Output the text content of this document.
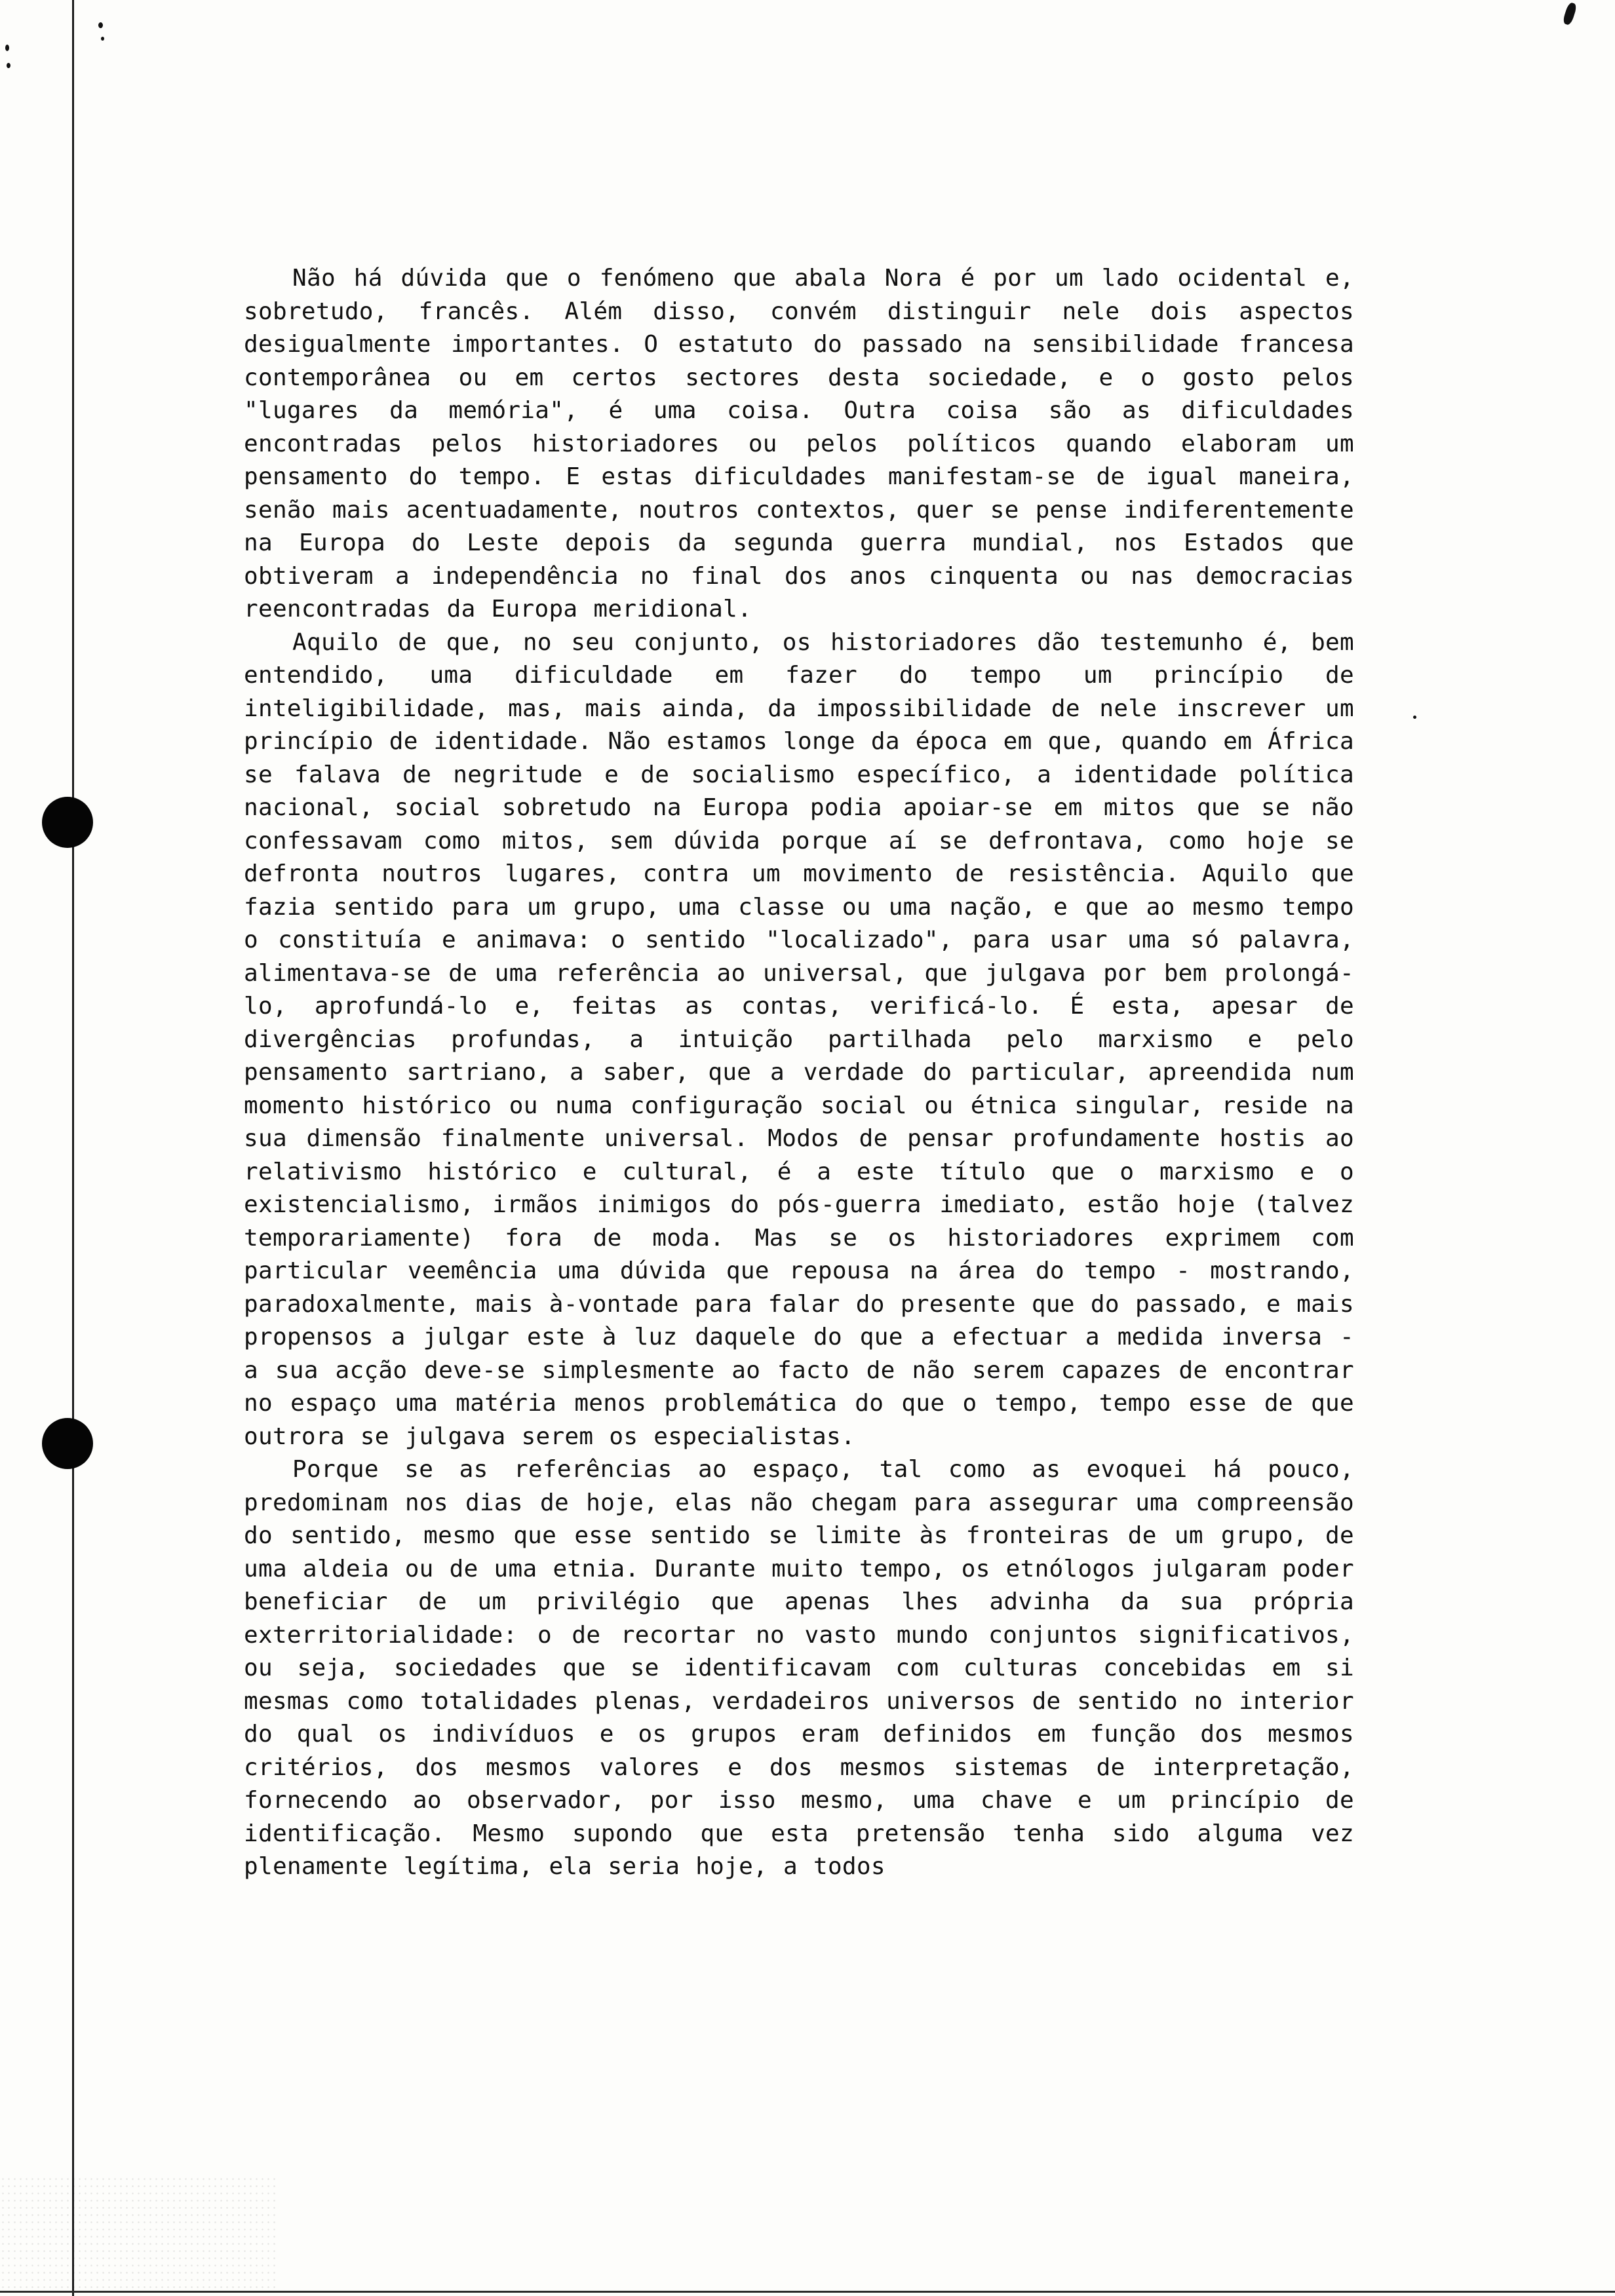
Não há dúvida que o fenómeno que abala Nora é por um lado ocidental e, sobretudo, francês. Além disso, convém distinguir nele dois aspectos desigualmente importantes. O estatuto do passado na sensibilidade francesa contemporânea ou em certos sectores desta sociedade, e o gosto pelos "lugares da memória", é uma coisa. Outra coisa são as dificuldades encontradas pelos historiadores ou pelos políticos quando elaboram um pensamento do tempo. E estas dificuldades manifestam-se de igual maneira, senão mais acentuadamente, noutros contextos, quer se pense indiferentemente na Europa do Leste depois da segunda guerra mundial, nos Estados que obtiveram a independência no final dos anos cinquenta ou nas democracias reencontradas da Europa meridional.

Aquilo de que, no seu conjunto, os historiadores dão testemunho é, bem entendido, uma dificuldade em fazer do tempo um princípio de inteligibilidade, mas, mais ainda, da impossibilidade de nele inscrever um princípio de identidade. Não estamos longe da época em que, quando em África se falava de negritude e de socialismo específico, a identidade política nacional, social sobretudo na Europa podia apoiar-se em mitos que se não confessavam como mitos, sem dúvida porque aí se defrontava, como hoje se defronta noutros lugares, contra um movimento de resistência. Aquilo que fazia sentido para um grupo, uma classe ou uma nação, e que ao mesmo tempo o constituía e animava: o sentido "localizado", para usar uma só palavra, alimentava-se de uma referência ao universal, que julgava por bem prolongá-lo, aprofundá-lo e, feitas as contas, verificá-lo. É esta, apesar de divergências profundas, a intuição partilhada pelo marxismo e pelo pensamento sartriano, a saber, que a verdade do particular, apreendida num momento histórico ou numa configuração social ou étnica singular, reside na sua dimensão finalmente universal. Modos de pensar profundamente hostis ao relativismo histórico e cultural, é a este título que o marxismo e o existencialismo, irmãos inimigos do pós-guerra imediato, estão hoje (talvez temporariamente) fora de moda. Mas se os historiadores exprimem com particular veemência uma dúvida que repousa na área do tempo - mostrando, paradoxalmente, mais à-vontade para falar do presente que do passado, e mais propensos a julgar este à luz daquele do que a efectuar a medida inversa - a sua acção deve-se simplesmente ao facto de não serem capazes de encontrar no espaço uma matéria menos problemática do que o tempo, tempo esse de que outrora se julgava serem os especialistas.

Porque se as referências ao espaço, tal como as evoquei há pouco, predominam nos dias de hoje, elas não chegam para assegurar uma compreensão do sentido, mesmo que esse sentido se limite às fronteiras de um grupo, de uma aldeia ou de uma etnia. Durante muito tempo, os etnólogos julgaram poder beneficiar de um privilégio que apenas lhes advinha da sua própria exterritorialidade: o de recortar no vasto mundo conjuntos significativos, ou seja, sociedades que se identificavam com culturas concebidas em si mesmas como totalidades plenas, verdadeiros universos de sentido no interior do qual os indivíduos e os grupos eram definidos em função dos mesmos critérios, dos mesmos valores e dos mesmos sistemas de interpretação, fornecendo ao observador, por isso mesmo, uma chave e um princípio de identificação. Mesmo supondo que esta pretensão tenha sido alguma vez plenamente legítima, ela seria hoje, a todos
